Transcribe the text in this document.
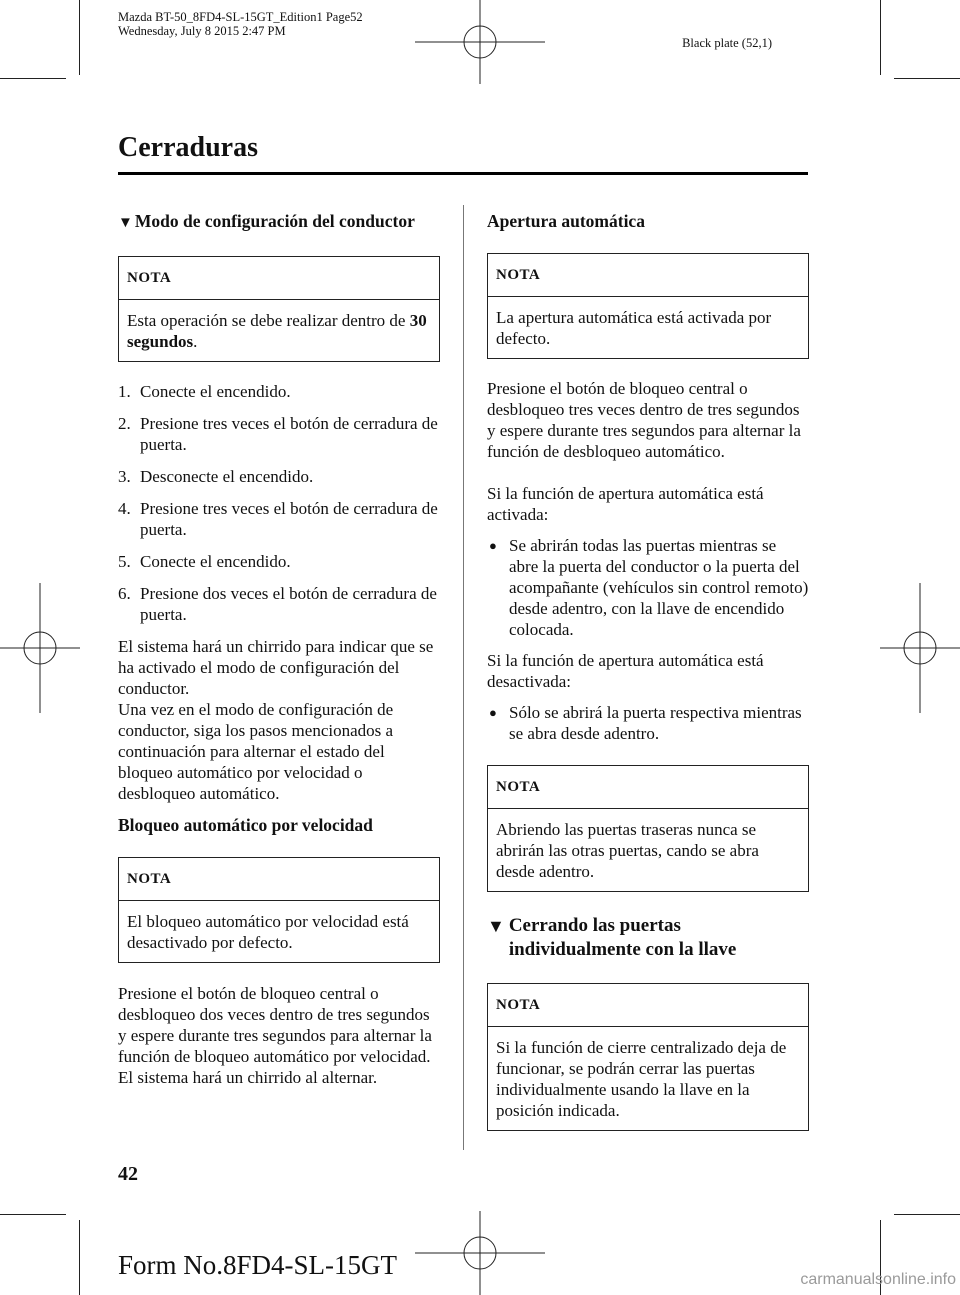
Mazda BT-50_8FD4-SL-15GT_Edition1 Page52
Wednesday, July 8 2015 2:47 PM
Black plate (52,1)
Cerraduras

▼ Modo de configuración del conductor

NOTA
Esta operación se debe realizar dentro de 30 segundos.
1. Conecte el encendido.
2. Presione tres veces el botón de cerradura de puerta.
3. Desconecte el encendido.
4. Presione tres veces el botón de cerradura de puerta.
5. Conecte el encendido.
6. Presione dos veces el botón de cerradura de puerta.

El sistema hará un chirrido para indicar que se ha activado el modo de configuración del conductor.

Una vez en el modo de configuración de conductor, siga los pasos mencionados a continuación para alternar el estado del bloqueo automático por velocidad o desbloqueo automático.

Bloqueo automático por velocidad

NOTA
El bloqueo automático por velocidad está desactivado por defecto.

Presione el botón de bloqueo central o desbloqueo dos veces dentro de tres segundos y espere durante tres segundos para alternar la función de bloqueo automático por velocidad. El sistema hará un chirrido al alternar.

Apertura automática

NOTA
La apertura automática está activada por defecto.

Presione el botón de bloqueo central o desbloqueo tres veces dentro de tres segundos y espere durante tres segundos para alternar la función de desbloqueo automático.

Si la función de apertura automática está activada:

● Se abrirán todas las puertas mientras se abre la puerta del conductor o la puerta del acompañante (vehículos sin control remoto) desde adentro, con la llave de encendido colocada.

Si la función de apertura automática está desactivada:

● Sólo se abrirá la puerta respectiva mientras se abra desde adentro.
NOTA
Abriendo las puertas traseras nunca se abrirán las otras puertas, cando se abra desde adentro.

▼ Cerrando las puertas individualmente con la llave

NOTA
Si la función de cierre centralizado deja de funcionar, se podrán cerrar las puertas individualmente usando la llave en la posición indicada.
42
Form No.8FD4-SL-15GT	carmanualsonline.info
